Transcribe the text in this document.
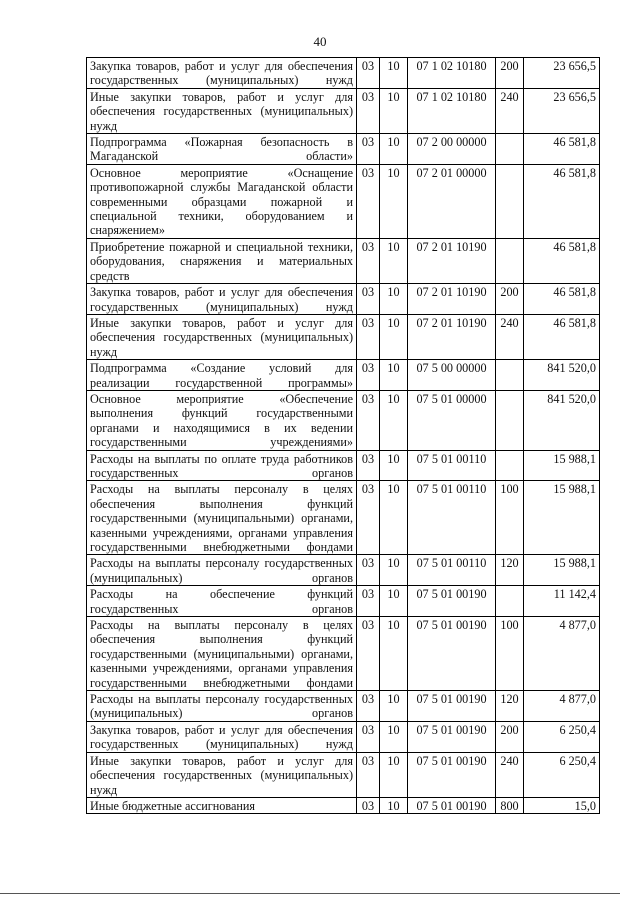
40
Закупка товаров, работ и услуг для обеспечения государственных (муниципальных) нужд	03	10	07 1 02 10180	200	23 656,5
Иные закупки товаров, работ и услуг для обеспечения государственных (муниципальных) нужд	03	10	07 1 02 10180	240	23 656,5
Подпрограмма «Пожарная безопасность в Магаданской области»	03	10	07 2 00 00000		46 581,8
Основное мероприятие «Оснащение противопожарной службы Магаданской области современными образцами пожарной и специальной техники, оборудованием и снаряжением»	03	10	07 2 01 00000		46 581,8
Приобретение пожарной и специальной техники, оборудования, снаряжения и материальных средств	03	10	07 2 01 10190		46 581,8
Закупка товаров, работ и услуг для обеспечения государственных (муниципальных) нужд	03	10	07 2 01 10190	200	46 581,8
Иные закупки товаров, работ и услуг для обеспечения государственных (муниципальных) нужд	03	10	07 2 01 10190	240	46 581,8
Подпрограмма «Создание условий для реализации государственной программы»	03	10	07 5 00 00000		841 520,0
Основное мероприятие «Обеспечение выполнения функций государственными органами и находящимися в их ведении государственными учреждениями»	03	10	07 5 01 00000		841 520,0
Расходы на выплаты по оплате труда работников государственных органов	03	10	07 5 01 00110		15 988,1
Расходы на выплаты персоналу в целях обеспечения выполнения функций государственными (муниципальными) органами, казенными учреждениями, органами управления государственными внебюджетными фондами	03	10	07 5 01 00110	100	15 988,1
Расходы на выплаты персоналу государственных (муниципальных) органов	03	10	07 5 01 00110	120	15 988,1
Расходы на обеспечение функций государственных органов	03	10	07 5 01 00190		11 142,4
Расходы на выплаты персоналу в целях обеспечения выполнения функций государственными (муниципальными) органами, казенными учреждениями, органами управления государственными внебюджетными фондами	03	10	07 5 01 00190	100	4 877,0
Расходы на выплаты персоналу государственных (муниципальных) органов	03	10	07 5 01 00190	120	4 877,0
Закупка товаров, работ и услуг для обеспечения государственных (муниципальных) нужд	03	10	07 5 01 00190	200	6 250,4
Иные закупки товаров, работ и услуг для обеспечения государственных (муниципальных) нужд	03	10	07 5 01 00190	240	6 250,4
Иные бюджетные ассигнования	03	10	07 5 01 00190	800	15,0
